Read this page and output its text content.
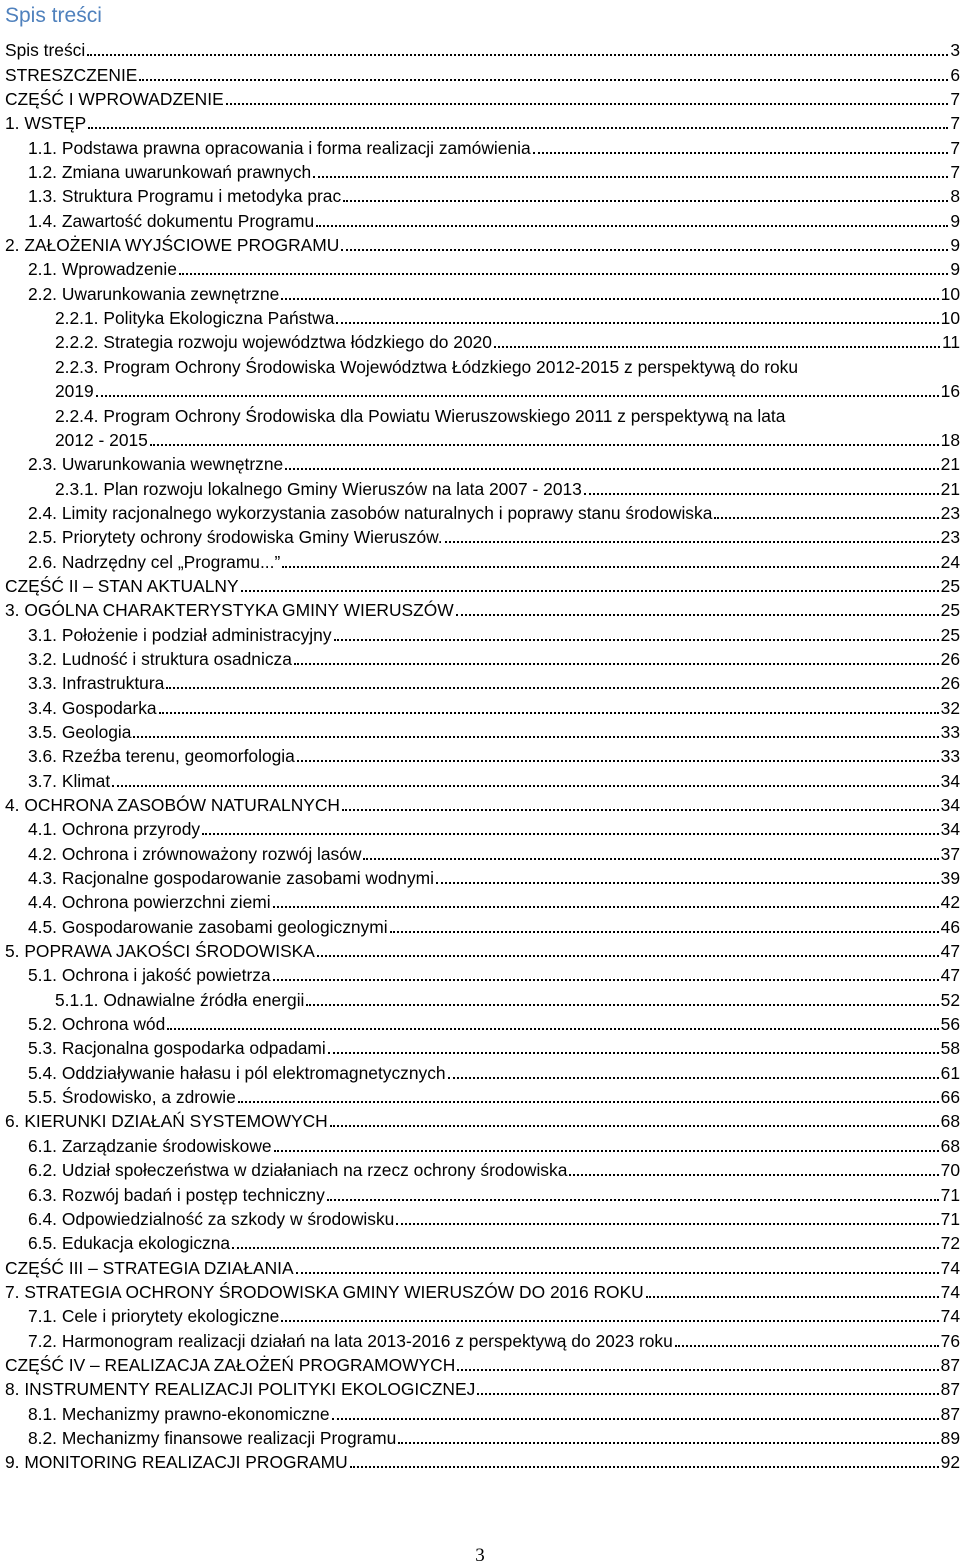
Spis treści
Spis treści	3
STRESZCZENIE	6
CZĘŚĆ I WPROWADZENIE	7
1. WSTĘP	7
1.1. Podstawa prawna opracowania i forma realizacji zamówienia	7
1.2. Zmiana uwarunkowań prawnych	7
1.3. Struktura Programu i metodyka prac	8
1.4. Zawartość dokumentu Programu	9
2. ZAŁOŻENIA WYJŚCIOWE PROGRAMU	9
2.1. Wprowadzenie	9
2.2. Uwarunkowania zewnętrzne	10
2.2.1. Polityka Ekologiczna Państwa	10
2.2.2. Strategia rozwoju województwa łódzkiego do 2020	11
2.2.3. Program Ochrony Środowiska Województwa Łódzkiego 2012-2015 z perspektywą do roku
2019	16
2.2.4. Program Ochrony Środowiska dla Powiatu Wieruszowskiego 2011 z perspektywą na lata
2012 - 2015	18
2.3. Uwarunkowania wewnętrzne	21
2.3.1. Plan rozwoju lokalnego Gminy Wieruszów na lata 2007 - 2013	21
2.4. Limity racjonalnego wykorzystania zasobów naturalnych i poprawy stanu środowiska	23
2.5. Priorytety ochrony środowiska Gminy Wieruszów.	23
2.6. Nadrzędny cel „Programu...”	24
CZĘŚĆ II – STAN AKTUALNY	25
3. OGÓLNA CHARAKTERYSTYKA GMINY WIERUSZÓW	25
3.1. Położenie i podział administracyjny	25
3.2. Ludność i struktura osadnicza	26
3.3. Infrastruktura	26
3.4. Gospodarka	32
3.5. Geologia	33
3.6. Rzeźba terenu, geomorfologia	33
3.7. Klimat	34
4. OCHRONA ZASOBÓW NATURALNYCH	34
4.1. Ochrona przyrody	34
4.2. Ochrona i zrównoważony rozwój lasów	37
4.3. Racjonalne gospodarowanie zasobami wodnymi	39
4.4. Ochrona powierzchni ziemi	42
4.5. Gospodarowanie zasobami geologicznymi	46
5. POPRAWA JAKOŚCI ŚRODOWISKA	47
5.1. Ochrona i jakość powietrza	47
5.1.1. Odnawialne źródła energii	52
5.2. Ochrona wód	56
5.3. Racjonalna gospodarka odpadami	58
5.4. Oddziaływanie hałasu i pól elektromagnetycznych	61
5.5. Środowisko, a zdrowie	66
6. KIERUNKI DZIAŁAŃ SYSTEMOWYCH	68
6.1. Zarządzanie środowiskowe	68
6.2. Udział społeczeństwa w działaniach na rzecz ochrony środowiska	70
6.3. Rozwój badań i postęp techniczny	71
6.4. Odpowiedzialność za szkody w środowisku	71
6.5. Edukacja ekologiczna	72
CZĘŚĆ III – STRATEGIA DZIAŁANIA	74
7. STRATEGIA OCHRONY ŚRODOWISKA GMINY WIERUSZÓW DO 2016 ROKU	74
7.1. Cele i priorytety ekologiczne	74
7.2. Harmonogram realizacji działań na lata 2013-2016 z perspektywą do 2023 roku	76
CZĘŚĆ IV – REALIZACJA ZAŁOŻEŃ PROGRAMOWYCH	87
8. INSTRUMENTY REALIZACJI POLITYKI EKOLOGICZNEJ	87
8.1. Mechanizmy prawno-ekonomiczne	87
8.2. Mechanizmy finansowe realizacji Programu	89
9. MONITORING REALIZACJI PROGRAMU	92
3
